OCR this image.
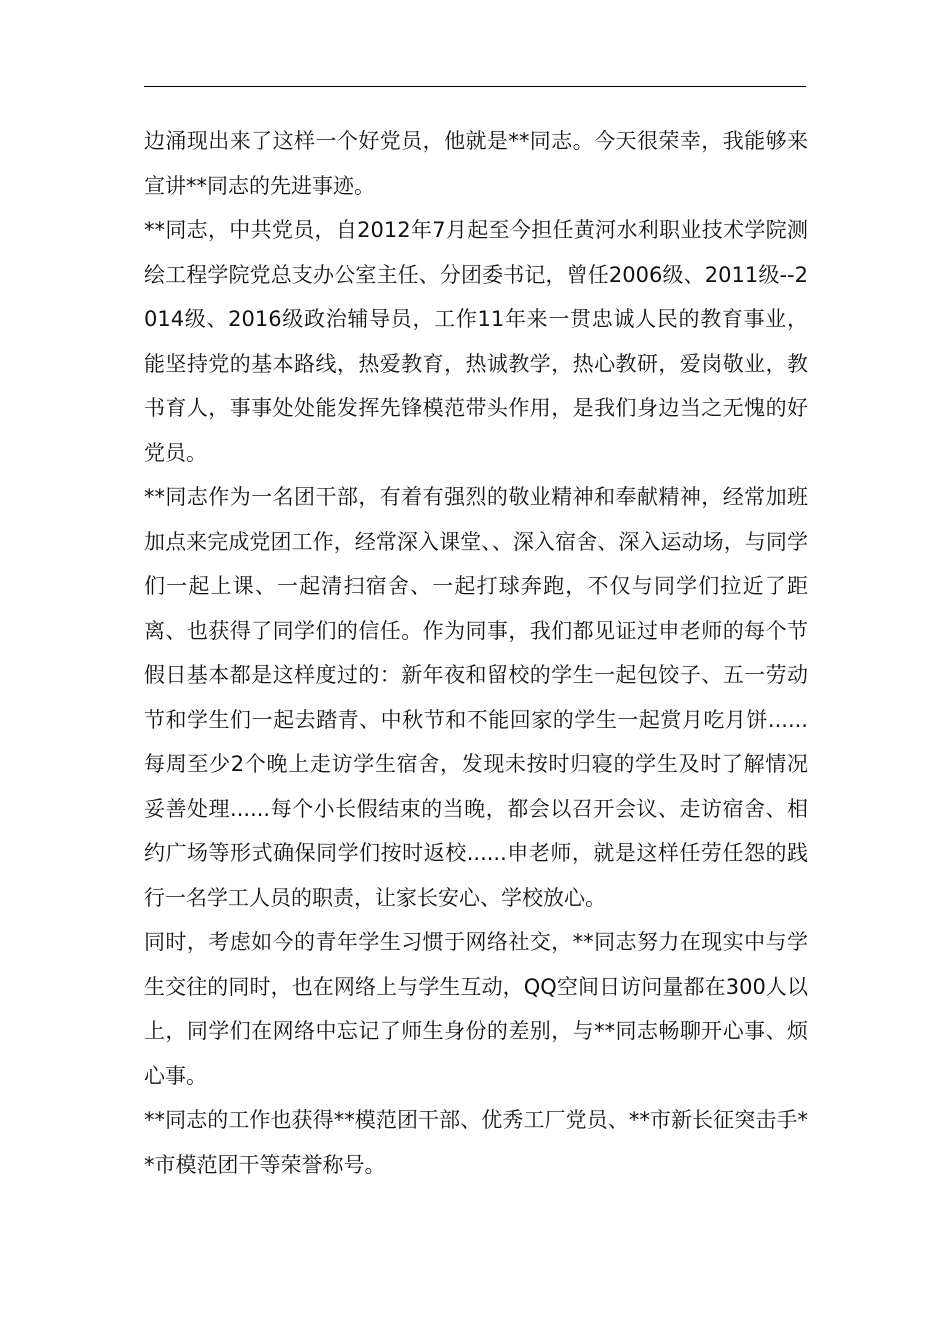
边涌现出来了这样一个好党员，他就是**同志。今天很荣幸，我能够来宣讲**同志的先进事迹。

**同志，中共党员，自2012年7月起至今担任黄河水利职业技术学院测绘工程学院党总支办公室主任、分团委书记，曾任2006级、2011级--2014级、2016级政治辅导员，工作11年来一贯忠诚人民的教育事业，能坚持党的基本路线，热爱教育，热诚教学，热心教研，爱岗敬业，教书育人，事事处处能发挥先锋模范带头作用，是我们身边当之无愧的好党员。

**同志作为一名团干部，有着有强烈的敬业精神和奉献精神，经常加班加点来完成党团工作，经常深入课堂、、深入宿舍、深入运动场，与同学们一起上课、一起清扫宿舍、一起打球奔跑，不仅与同学们拉近了距离、也获得了同学们的信任。作为同事，我们都见证过申老师的每个节假日基本都是这样度过的：新年夜和留校的学生一起包饺子、五一劳动节和学生们一起去踏青、中秋节和不能回家的学生一起赏月吃月饼......每周至少2个晚上走访学生宿舍，发现未按时归寝的学生及时了解情况妥善处理......每个小长假结束的当晚，都会以召开会议、走访宿舍、相约广场等形式确保同学们按时返校......申老师，就是这样任劳任怨的践行一名学工人员的职责，让家长安心、学校放心。

同时，考虑如今的青年学生习惯于网络社交，**同志努力在现实中与学生交往的同时，也在网络上与学生互动，QQ空间日访问量都在300人以上，同学们在网络中忘记了师生身份的差别，与**同志畅聊开心事、烦心事。

**同志的工作也获得**模范团干部、优秀工厂党员、**市新长征突击手**市模范团干等荣誉称号。
